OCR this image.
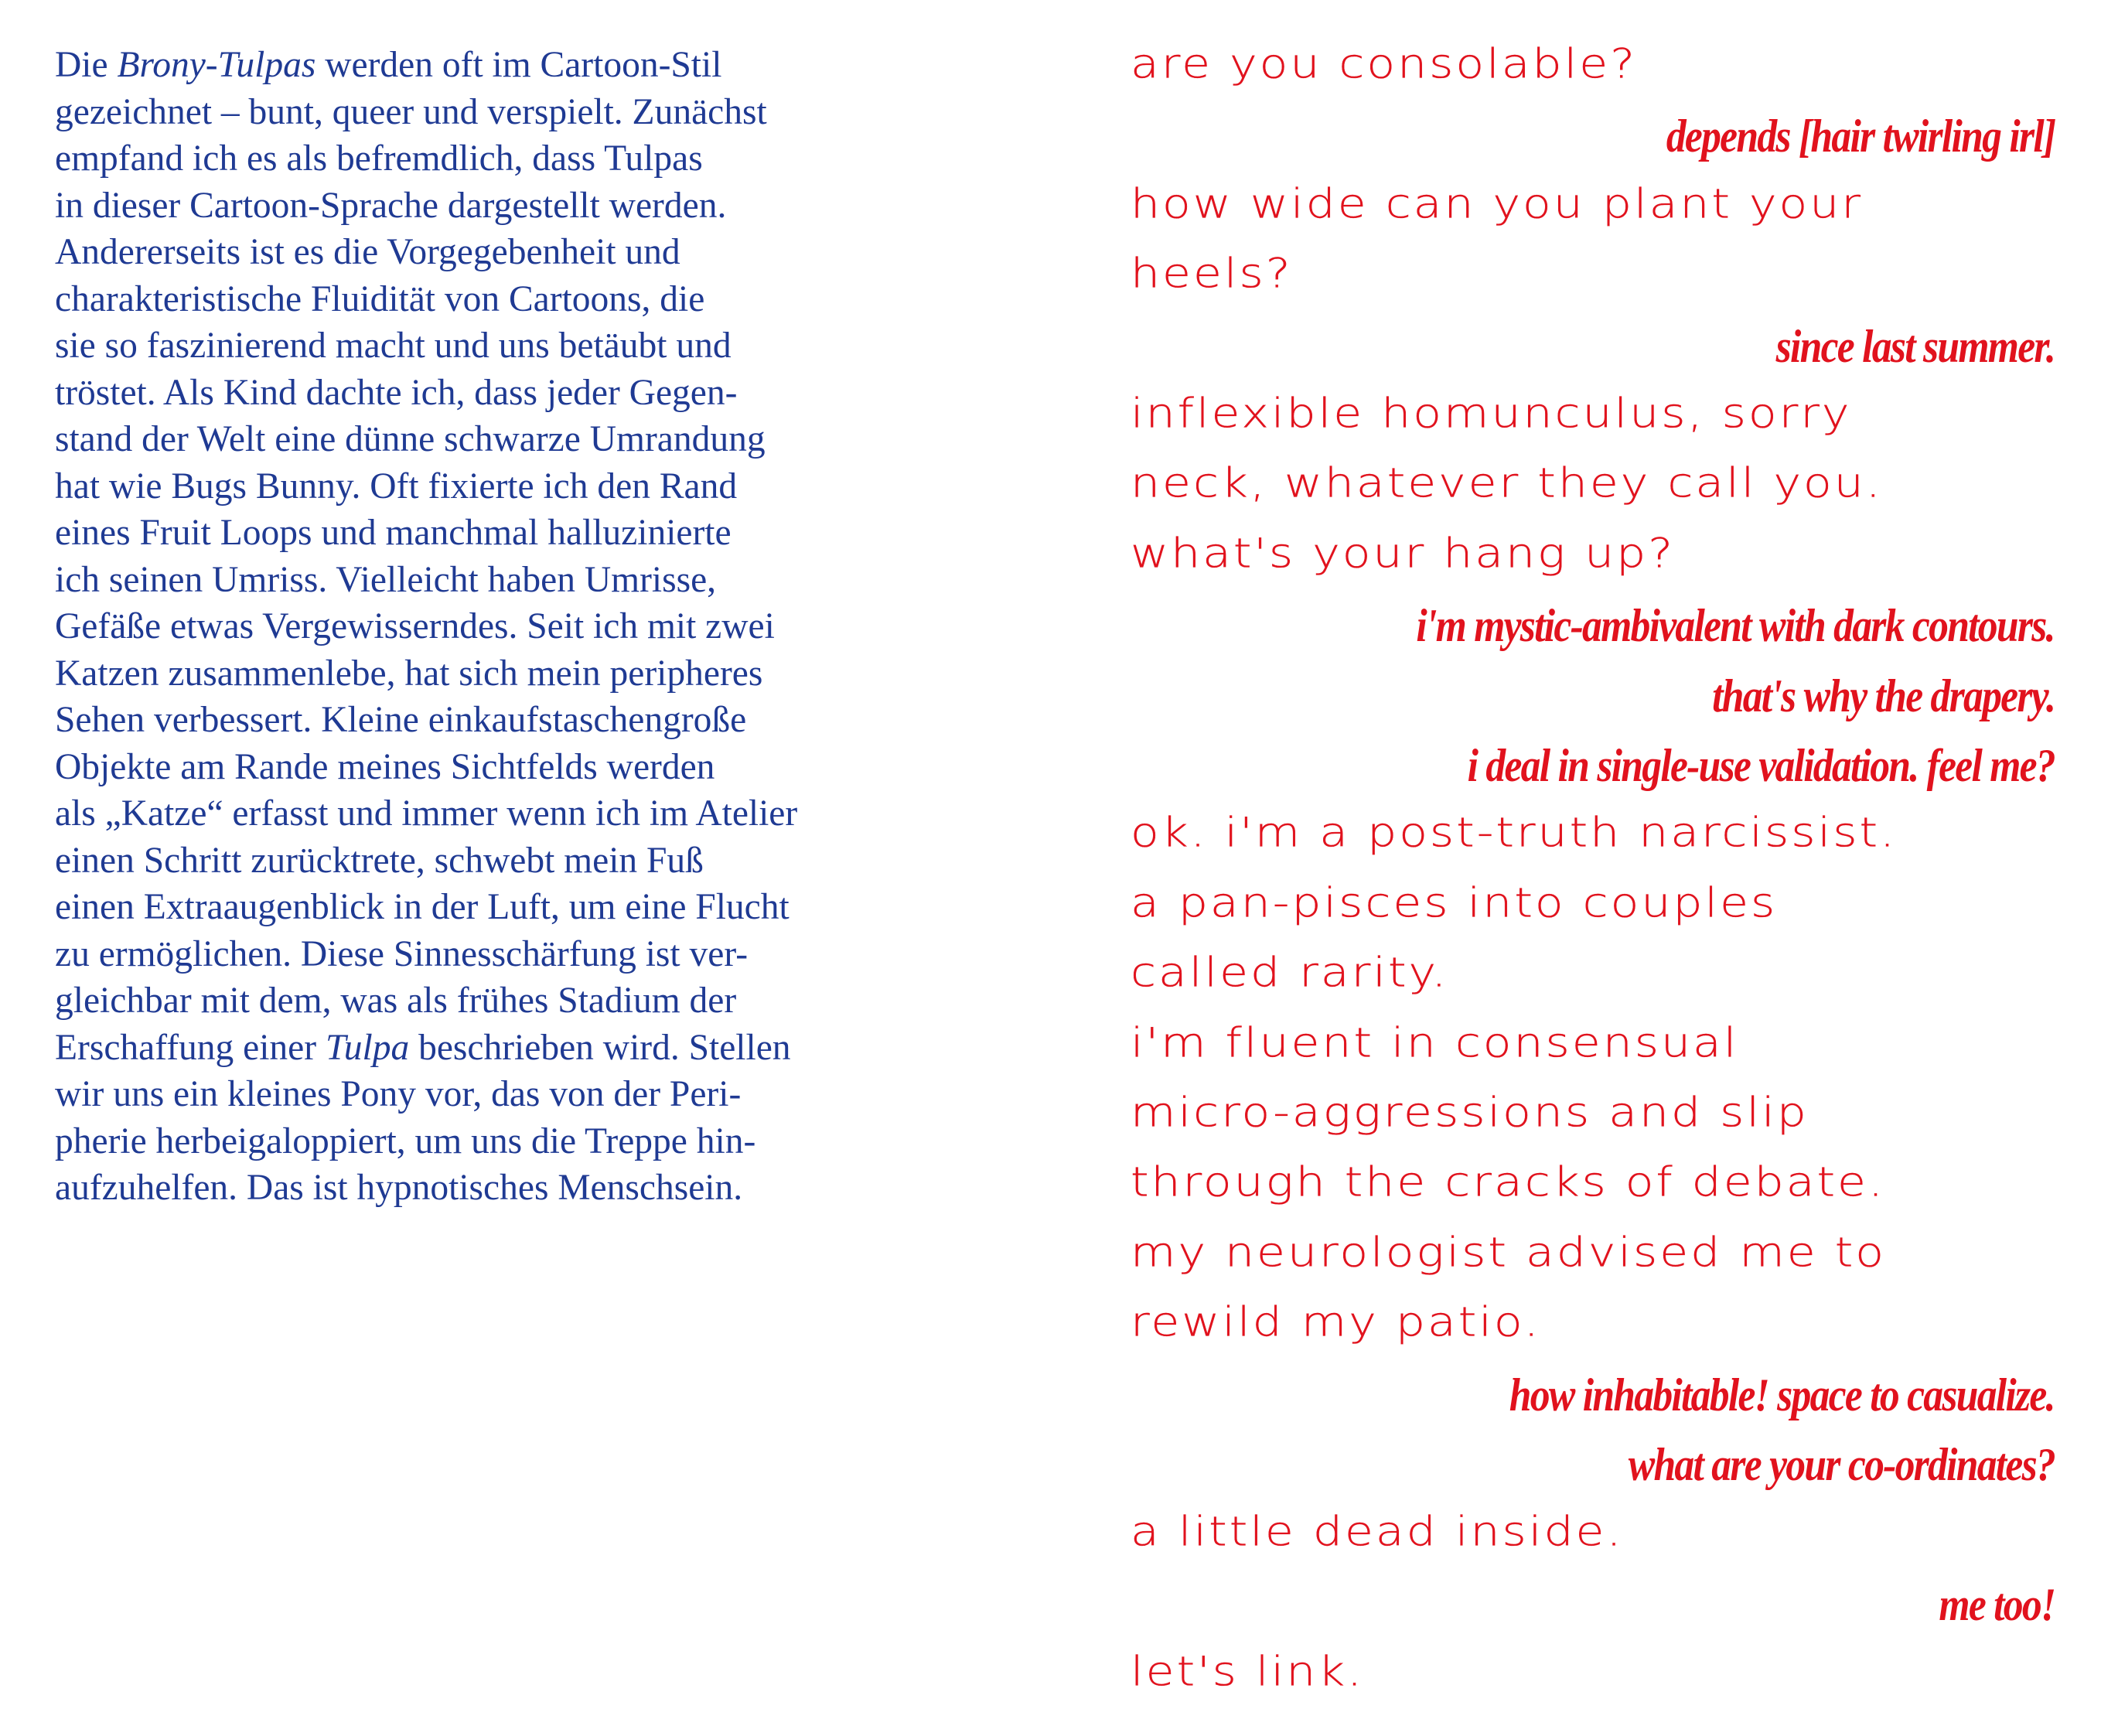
Die Brony-Tulpas werden oft im Cartoon-Stil
gezeichnet – bunt, queer und verspielt. Zunächst
empfand ich es als befremdlich, dass Tulpas
in dieser Cartoon-Sprache dargestellt werden.
Andererseits ist es die Vorgegebenheit und
charakteristische Fluidität von Cartoons, die
sie so faszinierend macht und uns betäubt und
tröstet. Als Kind dachte ich, dass jeder Gegen-
stand der Welt eine dünne schwarze Umrandung
hat wie Bugs Bunny. Oft fixierte ich den Rand
eines Fruit Loops und manchmal halluzinierte
ich seinen Umriss. Vielleicht haben Umrisse,
Gefäße etwas Vergewisserndes. Seit ich mit zwei
Katzen zusammenlebe, hat sich mein peripheres
Sehen verbessert. Kleine einkaufstaschengroße
Objekte am Rande meines Sichtfelds werden
als „Katze“ erfasst und immer wenn ich im Atelier
einen Schritt zurücktrete, schwebt mein Fuß
einen Extraaugenblick in der Luft, um eine Flucht
zu ermöglichen. Diese Sinnesschärfung ist ver-
gleichbar mit dem, was als frühes Stadium der
Erschaffung einer Tulpa beschrieben wird. Stellen
wir uns ein kleines Pony vor, das von der Peri-
pherie herbeigaloppiert, um uns die Treppe hin-
aufzuhelfen. Das ist hypnotisches Menschsein.

are you consolable?
depends [hair twirling irl]
how wide can you plant your
heels?
since last summer.
inflexible homunculus, sorry
neck, whatever they call you.
what's your hang up?
i'm mystic-ambivalent with dark contours.
that's why the drapery.
i deal in single-use validation. feel me?
ok. i'm a post-truth narcissist.
a pan-pisces into couples
called rarity.
i'm fluent in consensual
micro-aggressions and slip
through the cracks of debate.
my neurologist advised me to
rewild my patio.
how inhabitable! space to casualize.
what are your co-ordinates?
a little dead inside.
me too!
let's link.
